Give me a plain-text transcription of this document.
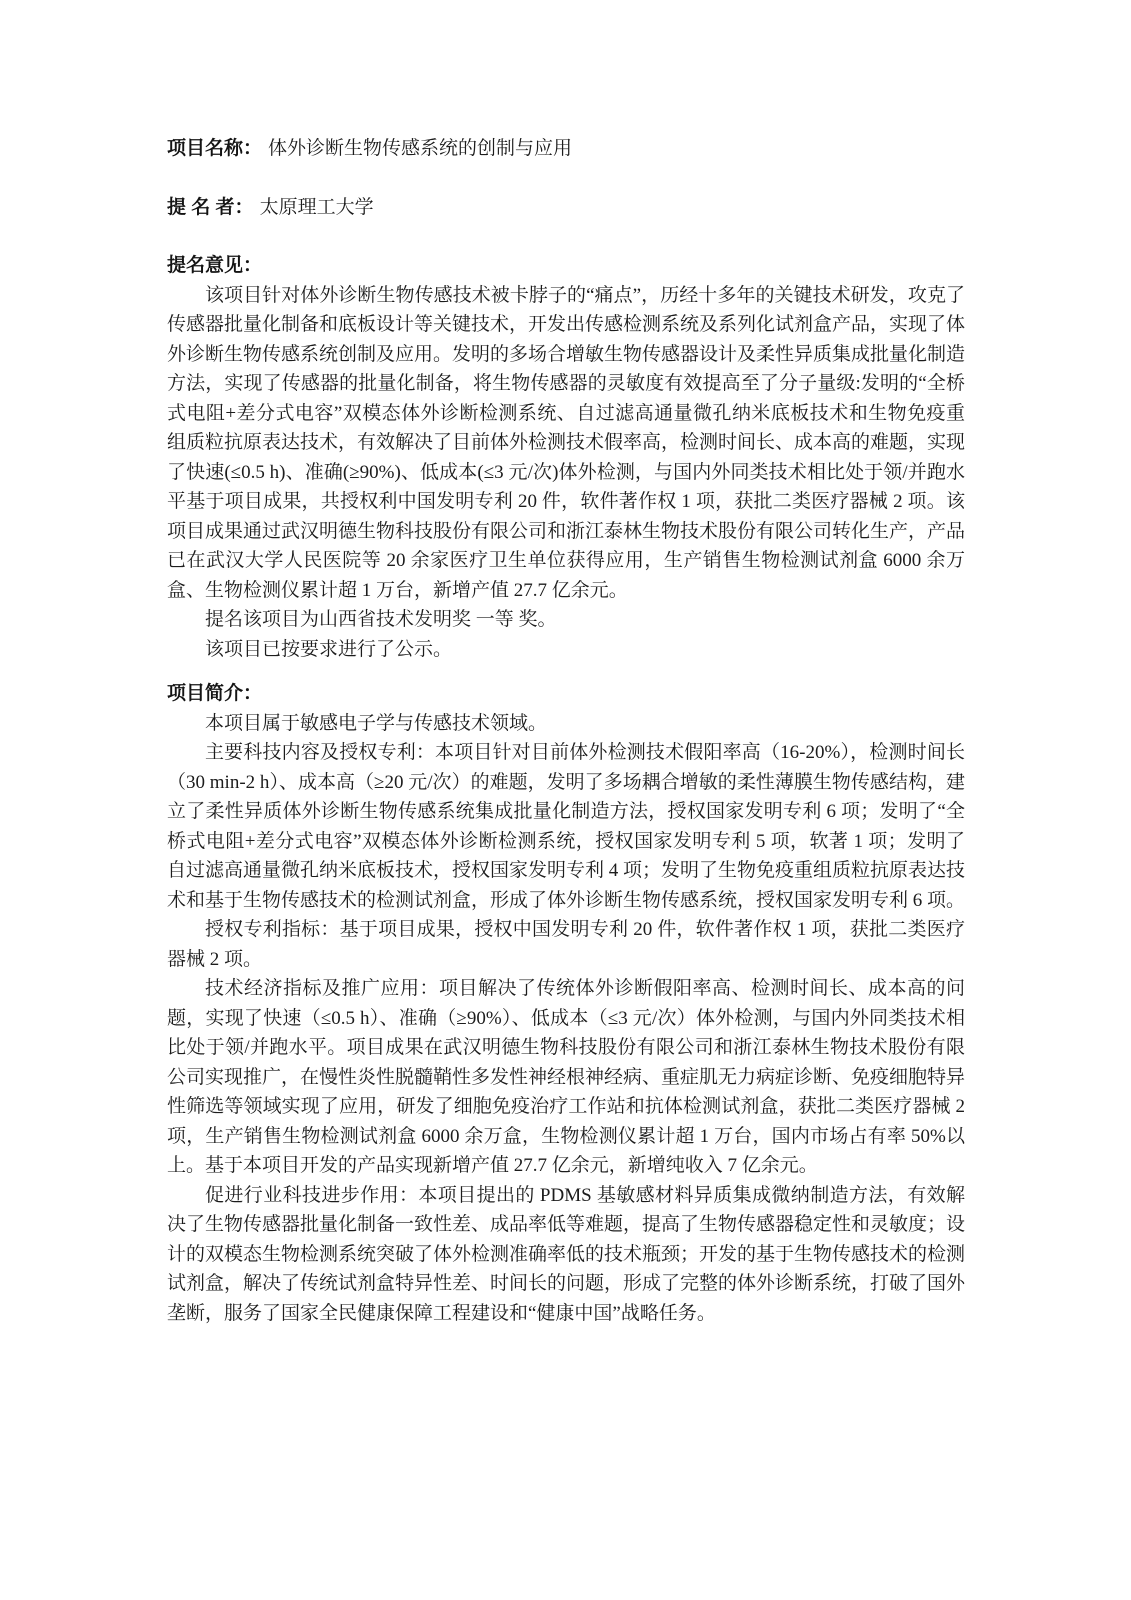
项目名称： 体外诊断生物传感系统的创制与应用
提 名 者： 太原理工大学
提名意见：

该项目针对体外诊断生物传感技术被卡脖子的“痛点”，历经十多年的关键技术研发，攻克了传感器批量化制备和底板设计等关键技术，开发出传感检测系统及系列化试剂盒产品，实现了体外诊断生物传感系统创制及应用。发明的多场合增敏生物传感器设计及柔性异质集成批量化制造方法，实现了传感器的批量化制备，将生物传感器的灵敏度有效提高至了分子量级:发明的“全桥式电阻+差分式电容”双模态体外诊断检测系统、自过滤高通量微孔纳米底板技术和生物免疫重组质粒抗原表达技术，有效解决了目前体外检测技术假率高，检测时间长、成本高的难题，实现了快速(≤0.5 h)、准确(≥90%)、低成本(≤3 元/次)体外检测，与国内外同类技术相比处于领/并跑水平基于项目成果，共授权利中国发明专利 20 件，软件著作权 1 项，获批二类医疗器械 2 项。该项目成果通过武汉明德生物科技股份有限公司和浙江泰林生物技术股份有限公司转化生产，产品已在武汉大学人民医院等 20 余家医疗卫生单位获得应用，生产销售生物检测试剂盒 6000 余万盒、生物检测仪累计超 1 万台，新增产值 27.7 亿余元。

提名该项目为山西省技术发明奖 一等 奖。

该项目已按要求进行了公示。

项目简介：

本项目属于敏感电子学与传感技术领域。

主要科技内容及授权专利：本项目针对目前体外检测技术假阳率高（16-20%），检测时间长（30 min-2 h）、成本高（≥20 元/次）的难题，发明了多场耦合增敏的柔性薄膜生物传感结构，建立了柔性异质体外诊断生物传感系统集成批量化制造方法，授权国家发明专利 6 项；发明了“全桥式电阻+差分式电容”双模态体外诊断检测系统，授权国家发明专利 5 项，软著 1 项；发明了自过滤高通量微孔纳米底板技术，授权国家发明专利 4 项；发明了生物免疫重组质粒抗原表达技术和基于生物传感技术的检测试剂盒，形成了体外诊断生物传感系统，授权国家发明专利 6 项。

授权专利指标：基于项目成果，授权中国发明专利 20 件，软件著作权 1 项，获批二类医疗器械 2 项。

技术经济指标及推广应用：项目解决了传统体外诊断假阳率高、检测时间长、成本高的问题，实现了快速（≤0.5 h）、准确（≥90%）、低成本（≤3 元/次）体外检测，与国内外同类技术相比处于领/并跑水平。项目成果在武汉明德生物科技股份有限公司和浙江泰林生物技术股份有限公司实现推广，在慢性炎性脱髓鞘性多发性神经根神经病、重症肌无力病症诊断、免疫细胞特异性筛选等领域实现了应用，研发了细胞免疫治疗工作站和抗体检测试剂盒，获批二类医疗器械 2 项，生产销售生物检测试剂盒 6000 余万盒，生物检测仪累计超 1 万台，国内市场占有率 50%以上。基于本项目开发的产品实现新增产值 27.7 亿余元，新增纯收入 7 亿余元。

促进行业科技进步作用：本项目提出的 PDMS 基敏感材料异质集成微纳制造方法，有效解决了生物传感器批量化制备一致性差、成品率低等难题，提高了生物传感器稳定性和灵敏度；设计的双模态生物检测系统突破了体外检测准确率低的技术瓶颈；开发的基于生物传感技术的检测试剂盒，解决了传统试剂盒特异性差、时间长的问题，形成了完整的体外诊断系统，打破了国外垄断，服务了国家全民健康保障工程建设和“健康中国”战略任务。
